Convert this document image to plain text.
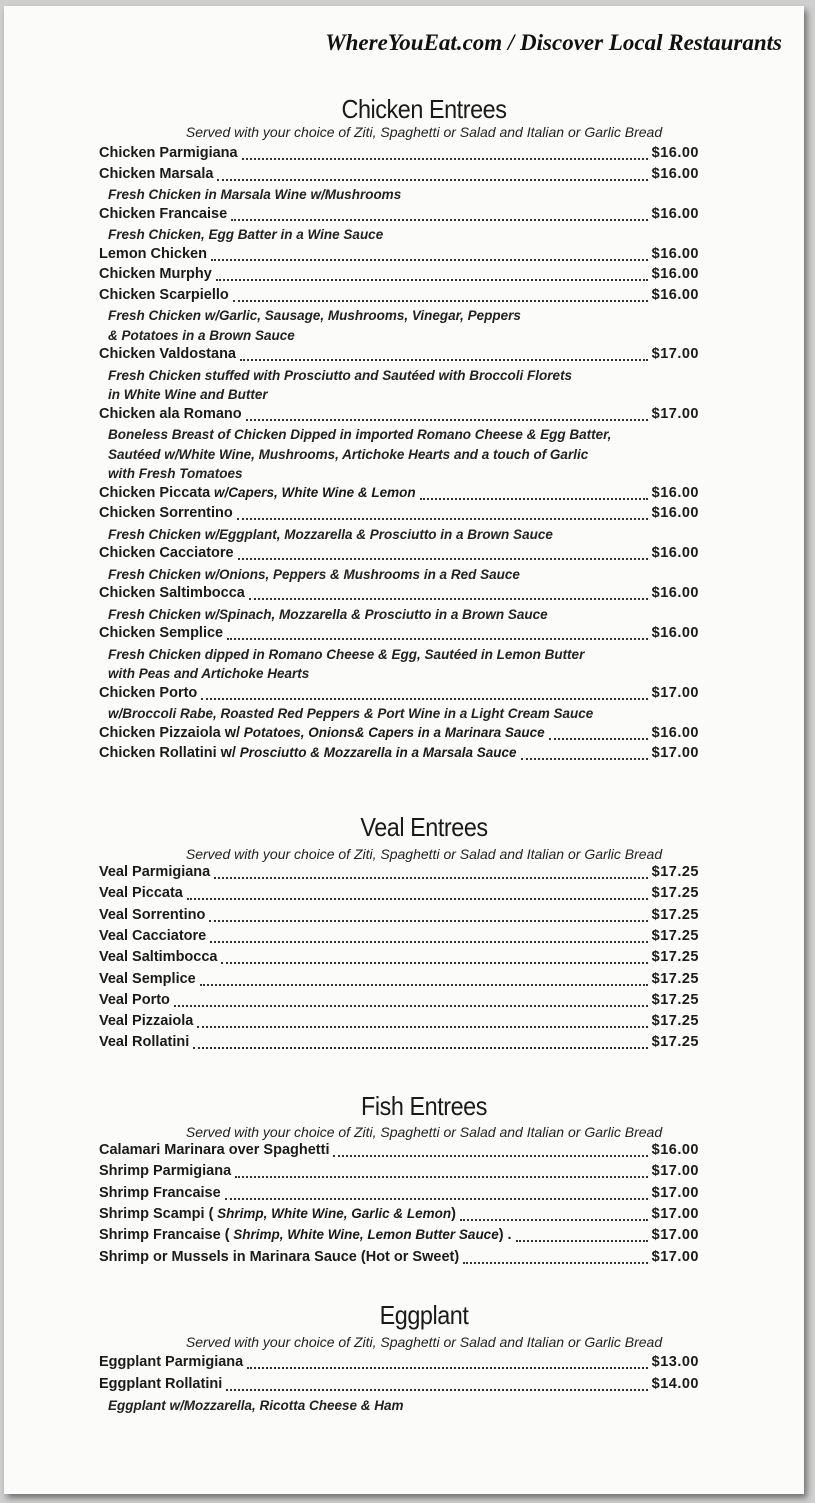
WhereYouEat.com / Discover Local Restaurants
Chicken Entrees
Served with your choice of Ziti, Spaghetti or Salad and Italian or Garlic Bread
Chicken Parmigiana	$16.00
Chicken Marsala	$16.00
Fresh Chicken in Marsala Wine w/Mushrooms
Chicken Francaise	$16.00
Fresh Chicken, Egg Batter in a Wine Sauce
Lemon Chicken	$16.00
Chicken Murphy	$16.00
Chicken Scarpiello	$16.00
Fresh Chicken w/Garlic, Sausage, Mushrooms, Vinegar, Peppers
& Potatoes in a Brown Sauce
Chicken Valdostana	$17.00
Fresh Chicken stuffed with Prosciutto and Sautéed with Broccoli Florets
in White Wine and Butter
Chicken ala Romano	$17.00
Boneless Breast of Chicken Dipped in imported Romano Cheese & Egg Batter,
Sautéed w/White Wine, Mushrooms, Artichoke Hearts and a touch of Garlic
with Fresh Tomatoes
Chicken Piccata w/Capers, White Wine & Lemon	$16.00
Chicken Sorrentino	$16.00
Fresh Chicken w/Eggplant, Mozzarella & Prosciutto in a Brown Sauce
Chicken Cacciatore	$16.00
Fresh Chicken w/Onions, Peppers & Mushrooms in a Red Sauce
Chicken Saltimbocca	$16.00
Fresh Chicken w/Spinach, Mozzarella & Prosciutto in a Brown Sauce
Chicken Semplice	$16.00
Fresh Chicken dipped in Romano Cheese & Egg, Sautéed in Lemon Butter
with Peas and Artichoke Hearts
Chicken Porto	$17.00
w/Broccoli Rabe, Roasted Red Peppers & Port Wine in a Light Cream Sauce
Chicken Pizzaiola w/ Potatoes, Onions& Capers in a Marinara Sauce	$16.00
Chicken Rollatini w/ Prosciutto & Mozzarella in a Marsala Sauce	$17.00
Veal Entrees
Served with your choice of Ziti, Spaghetti or Salad and Italian or Garlic Bread
Veal Parmigiana	$17.25
Veal Piccata	$17.25
Veal Sorrentino	$17.25
Veal Cacciatore	$17.25
Veal Saltimbocca	$17.25
Veal Semplice	$17.25
Veal Porto	$17.25
Veal Pizzaiola	$17.25
Veal Rollatini	$17.25
Fish Entrees
Served with your choice of Ziti, Spaghetti or Salad and Italian or Garlic Bread
Calamari Marinara over Spaghetti	$16.00
Shrimp Parmigiana	$17.00
Shrimp Francaise	$17.00
Shrimp Scampi ( Shrimp, White Wine, Garlic & Lemon )	$17.00
Shrimp Francaise ( Shrimp, White Wine, Lemon Butter Sauce ) .	$17.00
Shrimp or Mussels in Marinara Sauce (Hot or Sweet)	$17.00
Eggplant
Served with your choice of Ziti, Spaghetti or Salad and Italian or Garlic Bread
Eggplant Parmigiana	$13.00
Eggplant Rollatini	$14.00
Eggplant w/Mozzarella, Ricotta Cheese & Ham
